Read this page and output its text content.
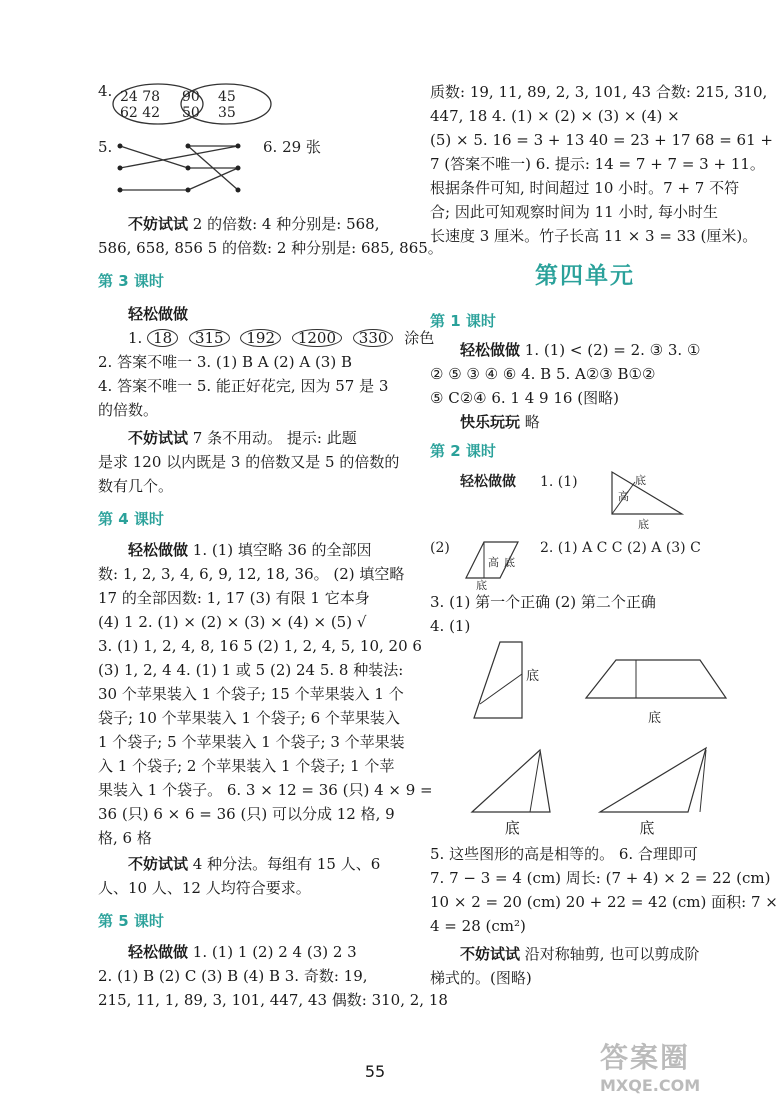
4. 24 78
62 42
90
50
45
35
5.	6. 29 张
不妨试试 2 的倍数: 4 种分别是: 568,
586, 658, 856 5 的倍数: 2 种分别是: 685, 865。
第 3 课时
轻松做做
1. 18 315 192 1200 330 涂色
2. 答案不唯一 3. (1) B A (2) A (3) B
4. 答案不唯一 5. 能正好花完, 因为 57 是 3
的倍数。
不妨试试 7 条不用动。 提示: 此题
是求 120 以内既是 3 的倍数又是 5 的倍数的
数有几个。
第 4 课时
轻松做做 1. (1) 填空略 36 的全部因
数: 1, 2, 3, 4, 6, 9, 12, 18, 36。 (2) 填空略
17 的全部因数: 1, 17 (3) 有限 1 它本身
(4) 1 2. (1) × (2) × (3) × (4) × (5) √
3. (1) 1, 2, 4, 8, 16 5 (2) 1, 2, 4, 5, 10, 20 6
(3) 1, 2, 4 4. (1) 1 或 5 (2) 24 5. 8 种装法:
30 个苹果装入 1 个袋子; 15 个苹果装入 1 个
袋子; 10 个苹果装入 1 个袋子; 6 个苹果装入
1 个袋子; 5 个苹果装入 1 个袋子; 3 个苹果装
入 1 个袋子; 2 个苹果装入 1 个袋子; 1 个苹
果装入 1 个袋子。 6. 3 × 12 = 36 (只) 4 × 9 =
36 (只) 6 × 6 = 36 (只) 可以分成 12 格, 9
格, 6 格
不妨试试 4 种分法。每组有 15 人、6
人、10 人、12 人均符合要求。
第 5 课时
轻松做做 1. (1) 1 (2) 2 4 (3) 2 3
2. (1) B (2) C (3) B (4) B 3. 奇数: 19,
215, 11, 1, 89, 3, 101, 447, 43 偶数: 310, 2, 18
质数: 19, 11, 89, 2, 3, 101, 43 合数: 215, 310,
447, 18 4. (1) × (2) × (3) × (4) ×
(5) × 5. 16 = 3 + 13 40 = 23 + 17 68 = 61 +
7 (答案不唯一) 6. 提示: 14 = 7 + 7 = 3 + 11。
根据条件可知, 时间超过 10 小时。7 + 7 不符
合; 因此可知观察时间为 11 小时, 每小时生
长速度 3 厘米。竹子长高 11 × 3 = 33 (厘米)。
第四单元
第 1 课时
轻松做做 1. (1) < (2) = 2. ③ 3. ①
② ⑤ ③ ④ ⑥ 4. B 5. A②③ B①②
⑤ C②④ 6. 1 4 9 16 (图略)
快乐玩玩 略
第 2 课时
轻松做做 1. (1)	底
高
底
(2)
高 底
底
2. (1) A C C (2) A (3) C
3. (1) 第一个正确 (2) 第二个正确
4. (1)
底
底
底	底
5. 这些图形的高是相等的。 6. 合理即可
7. 7 − 3 = 4 (cm) 周长: (7 + 4) × 2 = 22 (cm)
10 × 2 = 20 (cm) 20 + 22 = 42 (cm) 面积: 7 ×
4 = 28 (cm²)
不妨试试 沿对称轴剪, 也可以剪成阶
梯式的。(图略)
55	答案圈
MXQE.COM
